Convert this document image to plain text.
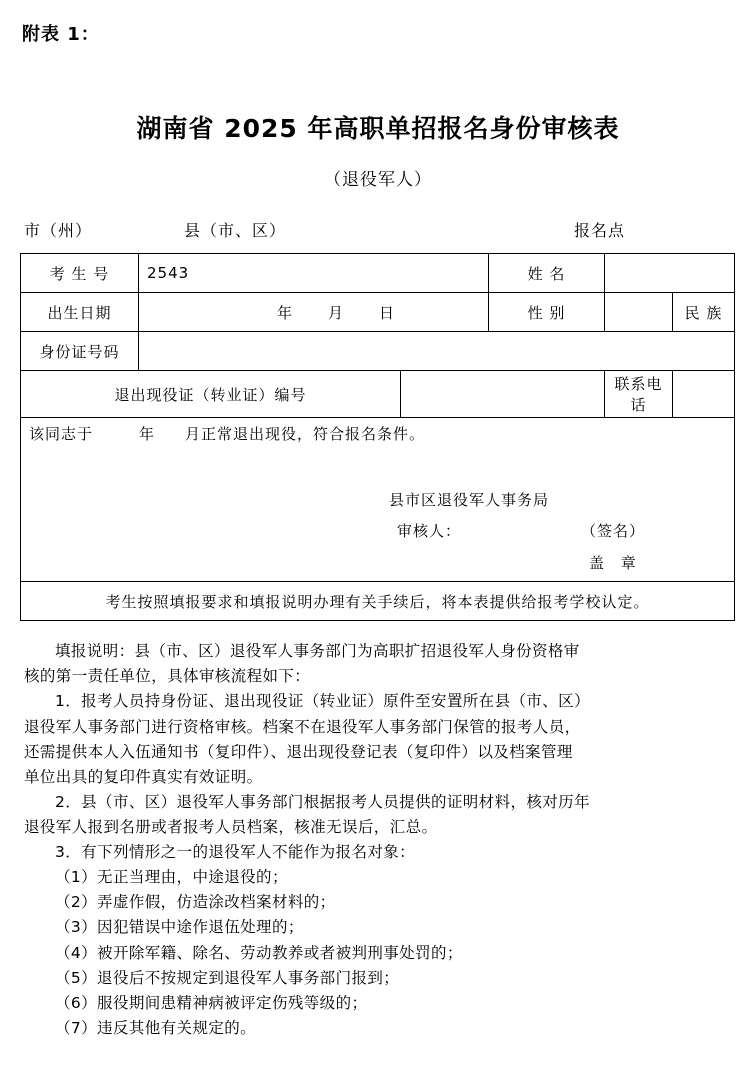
附表 1：
湖南省 2025 年高职单招报名身份审核表
（退役军人）
市（州）	县（市、区）	报名点
考 生 号	2543		姓 名		
出生日期	年 月 日		性 别		民 族
身份证号码					
退出现役证（转业证）编号				联系电话	

该同志于 年 月正常退出现役，符合报名条件。
县市区退役军人事务局
审核人： （签名）
盖 章					

考生按照填报要求和填报说明办理有关手续后，将本表提供给报考学校认定。					

填报说明：县（市、区）退役军人事务部门为高职扩招退役军人身份资格审

核的第一责任单位，具体审核流程如下：

1．报考人员持身份证、退出现役证（转业证）原件至安置所在县（市、区）

退役军人事务部门进行资格审核。档案不在退役军人事务部门保管的报考人员，

还需提供本人入伍通知书（复印件）、退出现役登记表（复印件）以及档案管理

单位出具的复印件真实有效证明。

2．县（市、区）退役军人事务部门根据报考人员提供的证明材料，核对历年

退役军人报到名册或者报考人员档案，核准无误后，汇总。

3．有下列情形之一的退役军人不能作为报名对象：

（1）无正当理由，中途退役的；

（2）弄虚作假，仿造涂改档案材料的；

（3）因犯错误中途作退伍处理的；

（4）被开除军籍、除名、劳动教养或者被判刑事处罚的；

（5）退役后不按规定到退役军人事务部门报到；

（6）服役期间患精神病被评定伤残等级的；

（7）违反其他有关规定的。
